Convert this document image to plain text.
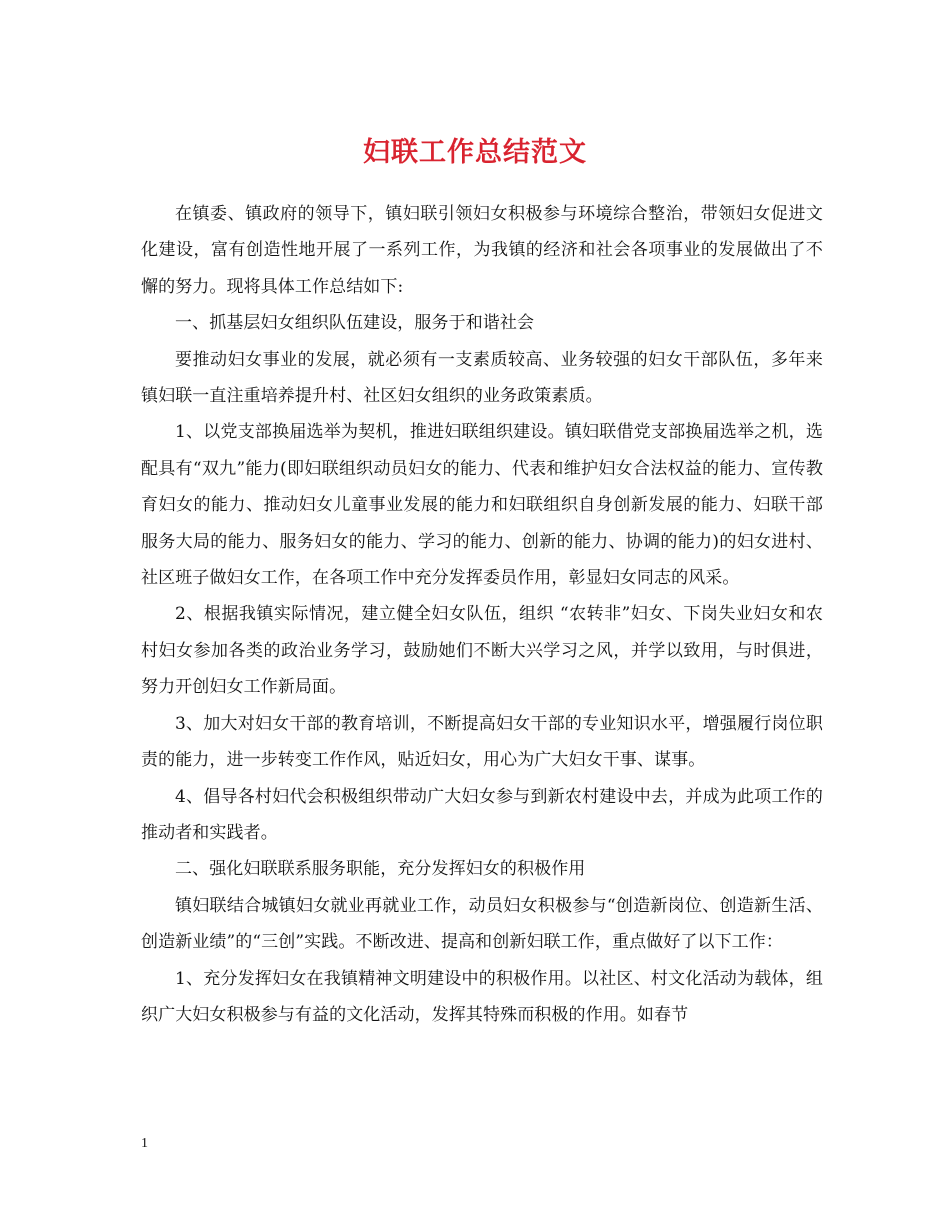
妇联工作总结范文

在镇委、镇政府的领导下，镇妇联引领妇女积极参与环境综合整治，带领妇女促进文化建设，富有创造性地开展了一系列工作，为我镇的经济和社会各项事业的发展做出了不懈的努力。现将具体工作总结如下:

一、抓基层妇女组织队伍建设，服务于和谐社会

要推动妇女事业的发展，就必须有一支素质较高、业务较强的妇女干部队伍，多年来镇妇联一直注重培养提升村、社区妇女组织的业务政策素质。

1、以党支部换届选举为契机，推进妇联组织建设。镇妇联借党支部换届选举之机，选配具有“双九”能力(即妇联组织动员妇女的能力、代表和维护妇女合法权益的能力、宣传教育妇女的能力、推动妇女儿童事业发展的能力和妇联组织自身创新发展的能力、妇联干部服务大局的能力、服务妇女的能力、学习的能力、创新的能力、协调的能力)的妇女进村、社区班子做妇女工作，在各项工作中充分发挥委员作用，彰显妇女同志的风采。

2、根据我镇实际情况，建立健全妇女队伍，组织 “农转非”妇女、下岗失业妇女和农村妇女参加各类的政治业务学习，鼓励她们不断大兴学习之风，并学以致用，与时俱进，努力开创妇女工作新局面。

3、加大对妇女干部的教育培训，不断提高妇女干部的专业知识水平，增强履行岗位职责的能力，进一步转变工作作风，贴近妇女，用心为广大妇女干事、谋事。

4、倡导各村妇代会积极组织带动广大妇女参与到新农村建设中去，并成为此项工作的推动者和实践者。

二、强化妇联联系服务职能，充分发挥妇女的积极作用

镇妇联结合城镇妇女就业再就业工作，动员妇女积极参与“创造新岗位、创造新生活、创造新业绩”的“三创”实践。不断改进、提高和创新妇联工作，重点做好了以下工作：

1、充分发挥妇女在我镇精神文明建设中的积极作用。以社区、村文化活动为载体，组织广大妇女积极参与有益的文化活动，发挥其特殊而积极的作用。如春节

1
